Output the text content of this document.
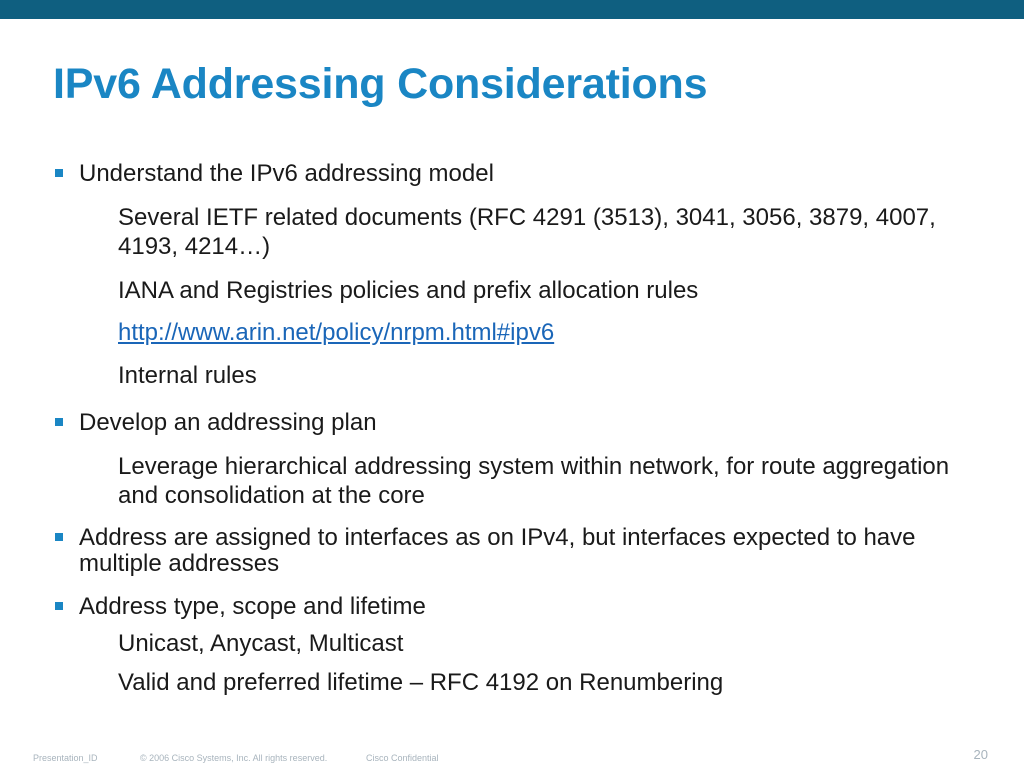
IPv6 Addressing Considerations
Understand the IPv6 addressing model
Several IETF related documents (RFC 4291 (3513), 3041, 3056, 3879, 4007, 4193, 4214…)
IANA and Registries policies and prefix allocation rules
http://www.arin.net/policy/nrpm.html#ipv6
Internal rules
Develop an addressing plan
Leverage hierarchical addressing system within network, for route aggregation and consolidation at the core
Address are assigned to interfaces as on IPv4, but interfaces expected to have multiple addresses
Address type, scope and lifetime
Unicast, Anycast, Multicast
Valid and preferred lifetime – RFC 4192 on Renumbering
Presentation_ID	© 2006 Cisco Systems, Inc. All rights reserved.	Cisco Confidential	20
